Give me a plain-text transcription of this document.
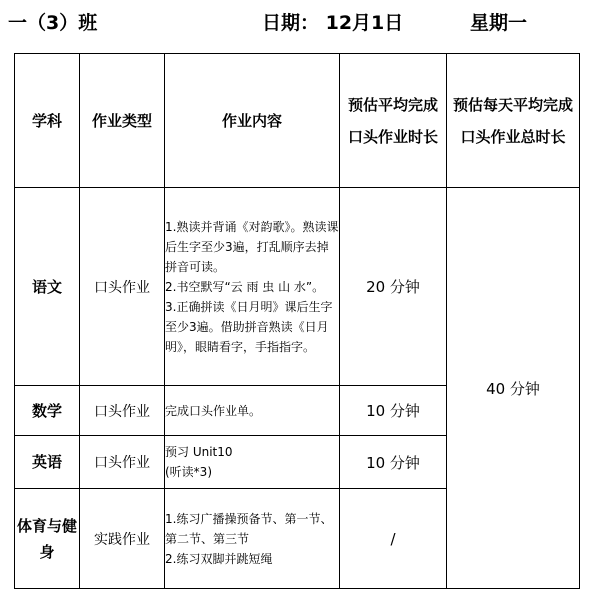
一（3）班	日期： 12月1日	星期一
学科	作业类型	作业内容	预估平均完成口头作业时长	预估每天平均完成口头作业总时长
语文	口头作业	1.熟读并背诵《对韵歌》。熟读课后生字至少3遍，打乱顺序去掉拼音可读。
2.书空默写“云 雨 虫 山 水”。
3.正确拼读《日月明》课后生字至少3遍。借助拼音熟读《日月明》，眼睛看字，手指指字。	20 分钟	40 分钟
数学	口头作业	完成口头作业单。	10 分钟	
英语	口头作业	预习 Unit10
(听读*3)	10 分钟	
体育与健身	实践作业	1.练习广播操预备节、第一节、第二节、第三节
2.练习双脚并跳短绳	/	
